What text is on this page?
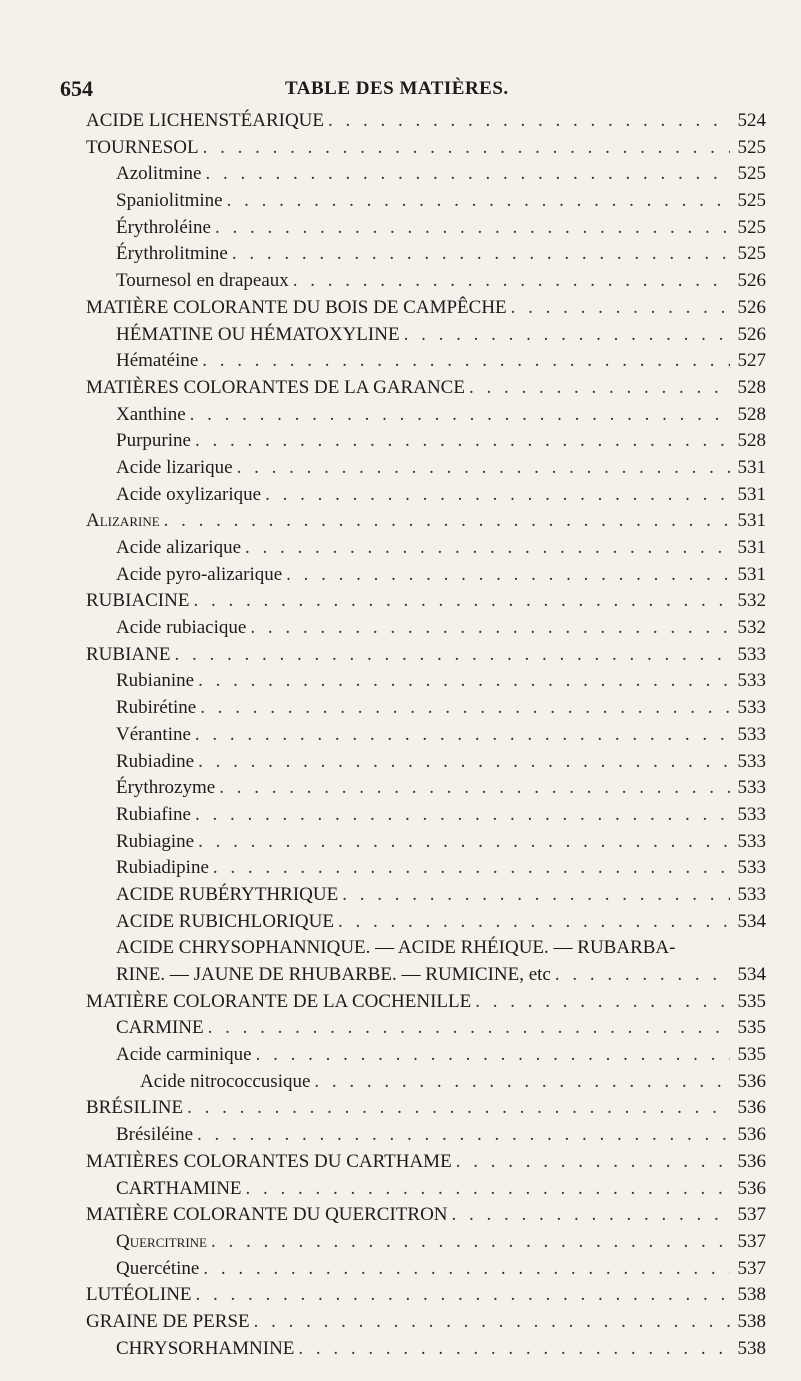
654	TABLE DES MATIÈRES.
ACIDE LICHENSTÉARIQUE . . .	524
TOURNESOL . . .	525
Azolitmine . . .	525
Spaniolitmine . . .	525
Érythroléine . . .	525
Érythrolitmine . . .	525
Tournesol en drapeaux . . .	526
MATIÈRE COLORANTE DU BOIS DE CAMPÊCHE . . .	526
HÉMATINE OU HÉMATOXYLINE . . .	526
Hématéine . . .	527
MATIÈRES COLORANTES DE LA GARANCE . . .	528
Xanthine . . .	528
Purpurine . . .	528
Acide lizarique . . .	531
Acide oxylizarique . . .	531
Alizarine . . .	531
Acide alizarique . . .	531
Acide pyro-alizarique . . .	531
RUBIACINE . . .	532
Acide rubiacique . . .	532
RUBIANE . . .	533
Rubianine . . .	533
Rubirétine . . .	533
Vérantine . . .	533
Rubiadine . . .	533
Érythrozyme . . .	533
Rubiafine . . .	533
Rubiagine . . .	533
Rubiadipine . . .	533
ACIDE RUBÉRYTHRIQUE . . .	533
ACIDE RUBICHLORIQUE . . .	534
ACIDE CHRYSOPHANNIQUE. — ACIDE RHÉIQUE. — RUBARBA-
RINE. — JAUNE DE RHUBARBE. — RUMICINE, etc . . .	534
MATIÈRE COLORANTE DE LA COCHENILLE . . .	535
CARMINE . . .	535
Acide carminique . . .	535
Acide nitrococcusique . . .	536
BRÉSILINE . . .	536
Brésiléine . . .	536
MATIÈRES COLORANTES DU CARTHAME . . .	536
CARTHAMINE . . .	536
MATIÈRE COLORANTE DU QUERCITRON . . .	537
Quercitrine . . .	537
Quercétine . . .	537
LUTÉOLINE . . .	538
GRAINE DE PERSE . . .	538
CHRYSORHAMNINE . . .	538
